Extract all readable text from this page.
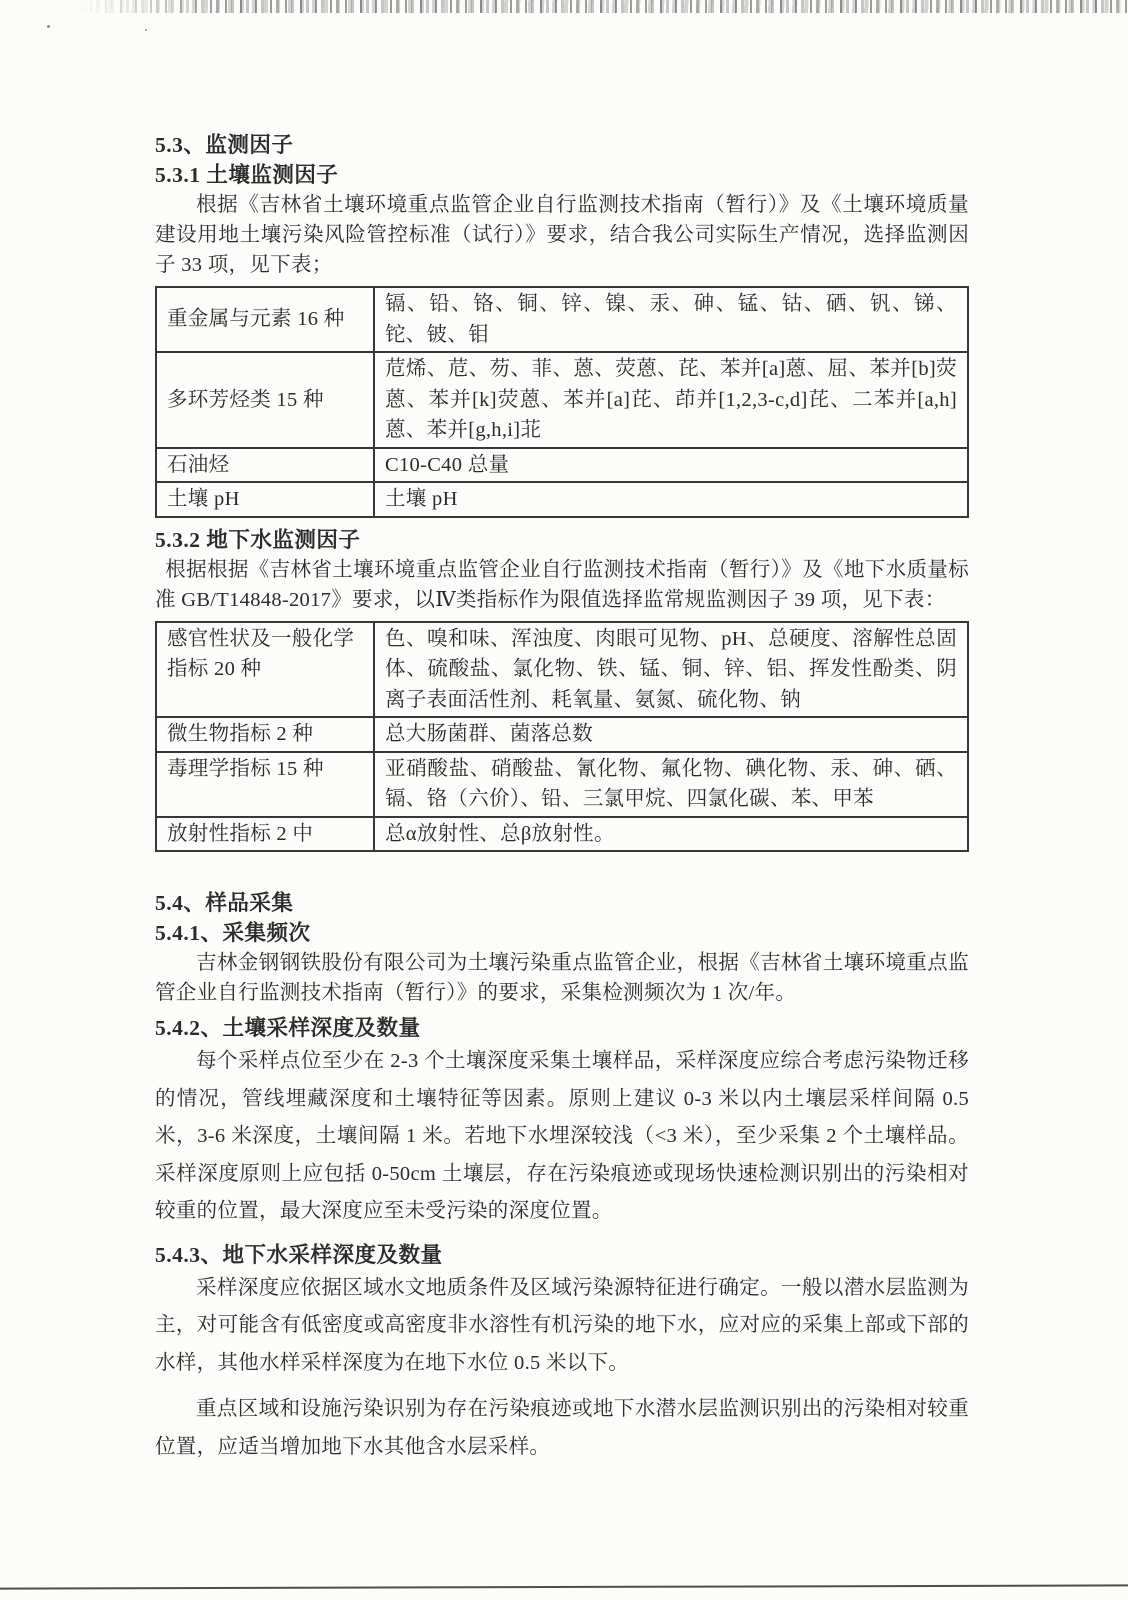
5.3、监测因子
5.3.1 土壤监测因子

根据《吉林省土壤环境重点监管企业自行监测技术指南（暂行）》及《土壤环境质量建设用地土壤污染风险管控标准（试行）》要求，结合我公司实际生产情况，选择监测因子 33 项，见下表；

重金属与元素 16 种	镉、铅、铬、铜、锌、镍、汞、砷、锰、钴、硒、钒、锑、铊、铍、钼
多环芳烃类 15 种	苊烯、苊、芴、菲、蒽、荧蒽、芘、苯并[a]蒽、屈、苯并[b]荧蒽、苯并[k]荧蒽、苯并[a]芘、茚并[1,2,3-c,d]芘、二苯并[a,h]蒽、苯并[g,h,i]苝
石油烃	C10-C40 总量
土壤 pH	土壤 pH
5.3.2 地下水监测因子

根据根据《吉林省土壤环境重点监管企业自行监测技术指南（暂行）》及《地下水质量标准 GB/T14848-2017》要求，以Ⅳ类指标作为限值选择监常规监测因子 39 项，见下表：

感官性状及一般化学指标 20 种	色、嗅和味、浑浊度、肉眼可见物、pH、总硬度、溶解性总固体、硫酸盐、氯化物、铁、锰、铜、锌、铝、挥发性酚类、阴离子表面活性剂、耗氧量、氨氮、硫化物、钠
微生物指标 2 种	总大肠菌群、菌落总数
毒理学指标 15 种	亚硝酸盐、硝酸盐、氰化物、氟化物、碘化物、汞、砷、硒、镉、铬（六价）、铅、三氯甲烷、四氯化碳、苯、甲苯
放射性指标 2 中	总α放射性、总β放射性。
5.4、样品采集
5.4.1、采集频次

吉林金钢钢铁股份有限公司为土壤污染重点监管企业，根据《吉林省土壤环境重点监管企业自行监测技术指南（暂行）》的要求，采集检测频次为 1 次/年。

5.4.2、土壤采样深度及数量

每个采样点位至少在 2-3 个土壤深度采集土壤样品，采样深度应综合考虑污染物迁移的情况，管线埋藏深度和土壤特征等因素。原则上建议 0-3 米以内土壤层采样间隔 0.5 米，3-6 米深度，土壤间隔 1 米。若地下水埋深较浅（<3 米），至少采集 2 个土壤样品。采样深度原则上应包括 0-50cm 土壤层，存在污染痕迹或现场快速检测识别出的污染相对较重的位置，最大深度应至未受污染的深度位置。

5.4.3、地下水采样深度及数量

采样深度应依据区域水文地质条件及区域污染源特征进行确定。一般以潜水层监测为主，对可能含有低密度或高密度非水溶性有机污染的地下水，应对应的采集上部或下部的水样，其他水样采样深度为在地下水位 0.5 米以下。

重点区域和设施污染识别为存在污染痕迹或地下水潜水层监测识别出的污染相对较重位置，应适当增加地下水其他含水层采样。
